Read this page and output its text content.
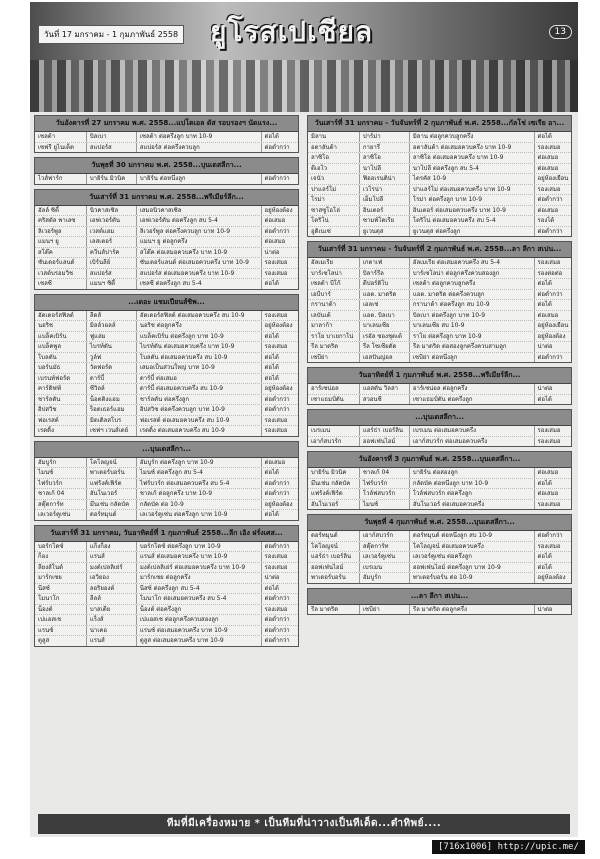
วันที่ 17 มกราคม - 1 กุมภาพันธ์ 2558 ยูโรสเปเชียล	13
วันอังคารที่ 27 มกราคม พ.ศ. 2558...แปโตเอล ดัส รอบรองฯ นัดแรง...
เซลต้า	บิลเบา	เซลต้า ต่อครึ่งลูก บาท 10-9	ต่อได้
เซฟรี ยูไนเต็ด	สแปอร์ส	สแปอร์ส ต่อครึ่งควบลูก	ต่อต่ำกว่า
วันพุธที่ 30 มกราคม พ.ศ. 2558...บุนเดสลีกา...
ไวส์ฟาร์ก	บายิร์น มิวนิค	บายิร์น ต่อหนึ่งลูก	ต่อต่ำกว่า
วันเสาร์ที่ 31 มกราคม พ.ศ. 2558...พรีเมียร์ลีก...
ฮัลล์ ซิตี้	นิวคาสเซิล	เสมอนิวคาสเซิล	อยู่ห้องต้อง
คริสตัล พาเลซ	เอฟเวอร์ตัน	เอฟเวอร์ตัน ต่อครึ่งลูก สบ 5-4	ต่อเสมอ
ลิเวอร์พูล	เวสต์แฮม	ลิเวอร์พูล ต่อครึ่งควบลูก บาท 10-9	ต่อต่ำกว่า
แมนฯ ยู	เลสเตอร์	แมนฯ ยู ต่อลูกครึ่ง	ต่อเสมอ
สโต๊ค	ควีนส์ปาร์ค	สโต๊ค ต่อเสมอควบครึ่ง บาท 10-9	น่าต่อ
ซันเดอร์แลนด์	เบิร์นลีย์	ซันเดอร์แลนด์ ต่อเสมอควบครึ่ง บาท 10-9	รองเสมอ
เวสต์บรอมวิช	สแปอร์ส	สแปอร์ส ต่อเสมอควบครึ่ง บาท 10-9	รองเสมอ
เชลซี	แมนฯ ซิตี้	เชลซี ต่อครึ่งลูก สบ 5-4	ต่อได้
...เดอะ แชมเปียนส์ชิพ...
ฮัดเดอร์สฟิลด์	ลีดส์	ฮัดเดอร์สฟิลด์ ต่อเสมอควบครึ่ง สบ 10-9	รองเสมอ
นอริช	มิลล์วอลล์	นอริช ต่อลูกครึ่ง	อยู่ห้องต้อง
แบล็คเบิร์น	ฟูแล่ม	แบล็คเบิร์น ต่อครึ่งลูก บาท 10-9	ต่อได้
แบล็คพูล	ไบรท์ตัน	ไบรท์ตัน ต่อเสมอควบครึ่ง บาท 10-9	รองเสมอ
โบลตัน	วูล์ฟ	โบลตัน ต่อเสมอควบครึ่ง สบ 10-9	ต่อได้
บอร์นมัธ	วัตฟอร์ด	เสมอเป็นส่วนใหญ่ บาท 10-9	ต่อได้
เบรนท์ฟอร์ด	ดาร์บี้	ดาร์บี้ ต่อเสมอ	ต่อได้
คาร์ดิฟฟ์	ซีวิลล์	ดาร์บี้ ต่อเสมอควบครึ่ง สบ 10-9	อยู่ห้องต้อง
ชาร์ลตัน	น็อตติงแฮม	ชาร์ลตัน ต่อครึ่งลูก	ต่อต่ำกว่า
อิปสวิช	ร็อตเธอร์แฮม	อิปสวิช ต่อครึ่งควบลูก บาท 10-9	ต่อต่ำกว่า
ฟอเรสต์	มิดเดิลสโบร	ฟอเรสต์ ต่อเสมอควบครึ่ง สบ 10-9	รองเสมอ
เรดดิ้ง	เชฟฯ เวนส์เดย์	เรดดิ้ง ต่อเสมอควบครึ่ง สบ 10-9	รองเสมอ
...บุนเดสลีกา...
ฮัมบูร์ก	โคโลญจน์	ฮัมบูร์ก ต่อครึ่งลูก บาท 10-9	ต่อเสมอ
ไมนซ์	พาเดอร์บอร์น	ไมนซ์ ต่อครึ่งลูก สบ 5-4	ต่อได้
ไฟร์บวร์ก	แฟร้งค์เฟิร์ต	ไฟร์บวร์ก ต่อเสมอควบครึ่ง สบ 5-4	ต่อต่ำกว่า
ชาลเก้ 04	ฮันโนเวอร์	ชาลเก้ ต่อลูกครึ่ง บาท 10-9	ต่อต่ำกว่า
สตุ๊ตการ์ท	มึนเช่น กลัดบัค	กลัดบัค ต่อ 10-9	อยู่ห้องต้อง
เลเวอร์คูเซ่น	ดอร์ทมุนด์	เลเวอร์คูเซ่น ต่อครึ่งลูก บาท 10-9	ต่อได้
วันเสาร์ที่ 31 มกราคม, วันอาทิตย์ที่ 1 กุมภาพันธ์ 2558...ลีก เอิง ฝรั่งเศส...
บอร์กโดซ์	แก็งก็อง	บอร์กโดซ์ ต่อครึ่งลูก บาท 10-9	ต่อต่ำกว่า
ก็อง	แรนส์	แรนส์ ต่อเสมอควบครึ่ง บาท 10-9	รองเสมอ
ลียงส์โนด์	มงต์เปลลิเย่ร์	มงต์เปลลิเย่ร์ ต่อเสมอควบครึ่ง บาท 10-9	รองเสมอ
มาร์กเซย	เอวิยอง	มาร์กเซย ต่อลูกครึ่ง	น่าต่อ
นีสซ์	ลอริยองต์	นีสซ์ ต่อครึ่งลูก สบ 5-4	ต่อได้
โมนาโก	ลีลล์	โมนาโก ต่อเสมอควบครึ่ง สบ 5-4	ต่อต่ำกว่า
น็องต์	บาสเตีย	น็องต์ ต่อครึ่งลูก	รองเสมอ
เปแอสเช	แร็งส์	เปแอสเช ต่อลูกครึ่งควบสองลูก	ต่อต่ำกว่า
แรนซ์	น่าเคอ	แรนซ์ ต่อเสมอควบครึ่ง บาท 10-9	ต่อต่ำกว่า
ตูลูส	แรนส์	ตูลูส ต่อเสมอควบครึ่ง บาท 10-9	ต่อต่ำกว่า
วันเสาร์ที่ 31 มกราคม - วันจันทร์ที่ 2 กุมภาพันธ์ พ.ศ. 2558...กัลโช่ เซเรีย อา...
มิลาน	ปาร์ม่า	มิลาน ต่อลูกควบลูกครึ่ง	ต่อได้
อตาลันต้า	กายารี่	อตาลันต้า ต่อเสมอควบครึ่ง บาท 10-9	รองเสมอ
ลาซิโอ	ลาซิโอ	ลาซิโอ ต่อเสมอควบครึ่ง บาท 10-9	ต่อเสมอ
ตีเอโว	นาโปลี	นาโปลี ต่อครึ่งลูก สบ 5-4	ต่อเสมอ
เจนัว	ฟิออเรนติน่า	ไตรคัส 10-9	อยู่ห้องเยือน
ปาแลร์โม่	เวโรน่า	ปาแลร์โม่ ต่อเสมอควบครึ่ง บาท 10-9	รองเสมอ
โรม่า	เอ็มโปลี	โรม่า ต่อครึ่งลูก บาท 10-9	ต่อต่ำกว่า
ซาสซูโอโล่	อินเตอร์	อินเตอร์ ต่อเสมอควบครึ่ง บาท 10-9	ต่อเสมอ
โตริโน่	ซามพ์โดเรีย	โตริโน่ ต่อเสมอควบครึ่ง สบ 5-4	รองได้
อูดิเนเซ่	ยูเวนตุส	ยูเวนตุส ต่อครึ่งลูก	ต่อต่ำกว่า
วันเสาร์ที่ 31 มกราคม - วันจันทร์ที่ 2 กุมภาพันธ์ พ.ศ. 2558...ลา ลีกา สเปน...
อัลเมเรีย	เกตาเฟ่	อัลเมเรีย ต่อเสมอควบครึ่ง สบ 5-4	รองเสมอ
บาร์เซโลน่า	บิลาร์รีล	บาร์เซโลน่า ต่อลูกครึ่งควบสองลูก	รองต่อต่อ
เซลต้า บีโก้	ดีปอร์ติโบ	เซลต้า ต่อลูกควบลูกครึ่ง	ต่อได้
เอบีบาร์	แอต. มาดริด	แอต. มาดริด ต่อครึ่งควบลูก	ต่อต่ำกว่า
กรานาด้า	เอลเช่	กรานาด้า ต่อครึ่งลูก สบ 10-9	ต่อได้
เลบันเต้	แอต. บิลเบา	บิลเบา ต่อครึ่งลูก บาท 10-9	ต่อเสมอ
มาลาก้า	บาเลนเซีย	บาเลนเซีย สบ 10-9	อยู่ห้องเยือน
ราโย บาเยกาโน่	เรอัล ซองชุดเต้	ราโย ต่อครึ่งลูก บาท 10-9	อยู่ห้องต้อง
รีล มาดริด	รีล โซเซียดัด	รีล มาดริด ต่อสองลูกครึ่งควบสามลูก	น่าต่อ
เซบีย่า	เอสปันญ่อล	เซบีย่า ต่อหนึ่งลูก	ต่อต่ำกว่า
วันอาทิตย์ที่ 1 กุมภาพันธ์ พ.ศ. 2558...พรีเมียร์ลีก...
อาร์เซน่อล	แอสตัน วิลล่า	อาร์เซน่อล ต่อลูกครึ่ง	น่าต่อ
เซาแธมป์ตัน	สวอนซี	เซาแธมป์ตัน ต่อครึ่งลูก	ต่อได้
...บุนเดสลีกา...
เบรเมน	แฮร์ธ่า เบอร์ลิน	เบรเมน ต่อเสมอควบครึ่ง	รองเสมอ
เอาก์สบวร์ก	ฮอฟเฟ่นไฮม์	เอาก์สบวร์ก ต่อเสมอควบครึ่ง	รองเสมอ
วันอังคารที่ 3 กุมภาพันธ์ พ.ศ. 2558...บุนเดสลีกา...
บายิร์น มิวนิค	ชาลเก้ 04	บายิร์น ต่อสองลูก	ต่อเสมอ
มึนเช่น กลัดบัค	ไฟร์บวร์ก	กลัดบัค ต่อหนึ่งลูก บาท 10-9	ต่อได้
แฟร้งค์เฟิร์ต	โวล์ฟสบวร์ก	โวล์ฟสบวร์ก ต่อครึ่งลูก	ต่อเสมอ
ฮันโนเวอร์	ไมนซ์	ฮันโนเวอร์ ต่อเสมอควบครึ่ง	รองเสมอ
วันพุธที่ 4 กุมภาพันธ์ พ.ศ. 2558...บุนเดสลีกา...
ดอร์ทมุนด์	เอาก์สบวร์ก	ดอร์ทมุนด์ ต่อหนึ่งลูก สบ 10-9	ต่อต่ำกว่า
โคโลญจน์	สตุ๊ตการ์ท	โคโลญจน์ ต่อเสมอควบครึ่ง	รองเสมอ
แฮร์ธ่า เบอร์ลิน	เลเวอร์คูเซ่น	เลเวอร์คูเซ่น ต่อครึ่งลูก	ต่อได้
ฮอฟเฟ่นไฮม์	เบรเมน	ฮอฟเฟ่นไฮม์ ต่อครึ่งลูก บาท 10-9	ต่อได้
พาเดอร์บอร์น	ฮัมบูร์ก	พาเดอร์บอร์น ต่อ 10-9	อยู่ห้องต้อง
...ลา ลีกา สเปน...
รีล มาดริด	เซบีย่า	รีล มาดริด ต่อลูกครึ่ง	น่าต่อ
ทีมที่มีเครื่องหมาย * เป็นทีมที่น่าวางเป็นทีเด็ด...ตำทิพย์....
[716x1006] http://upic.me/
